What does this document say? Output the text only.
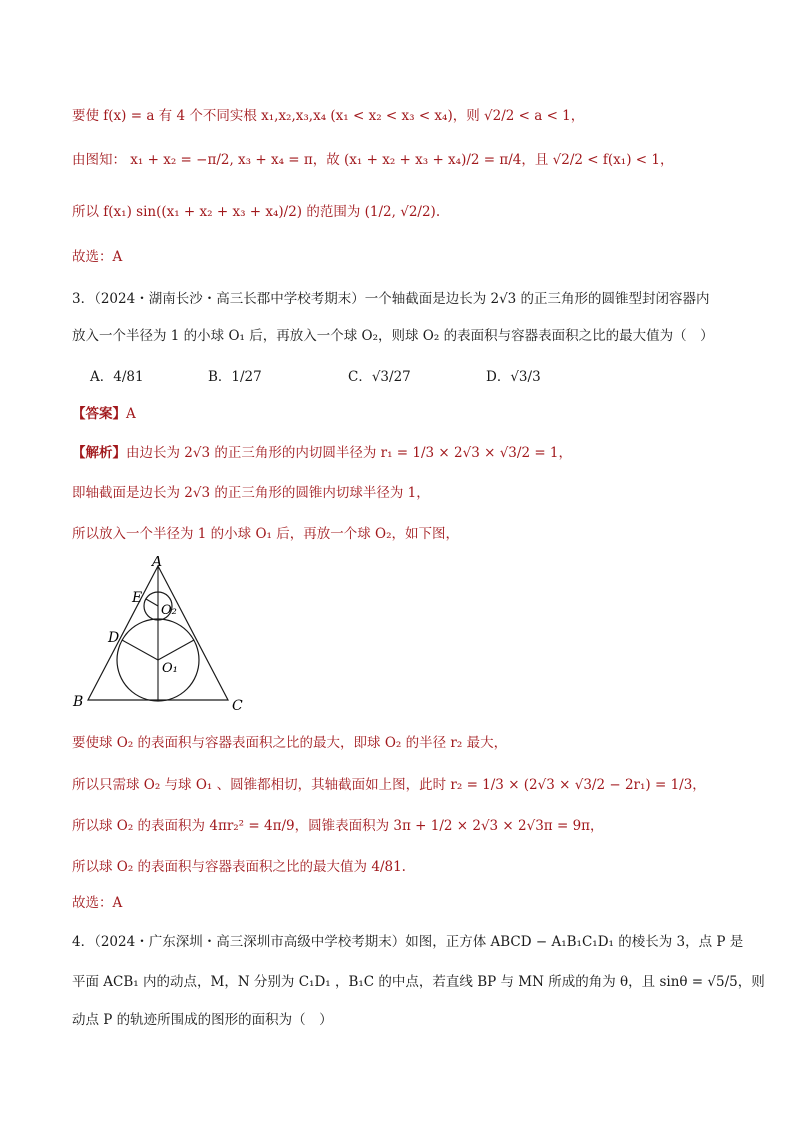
要使 f(x) = a 有 4 个不同实根 x₁,x₂,x₃,x₄ (x₁ < x₂ < x₃ < x₄)，则 √2/2 < a < 1，
由图知： x₁ + x₂ = −π/2, x₃ + x₄ = π，故 (x₁ + x₂ + x₃ + x₄)/2 = π/4，且 √2/2 < f(x₁) < 1，
所以 f(x₁) sin((x₁ + x₂ + x₃ + x₄)/2) 的范围为 (1/2, √2/2).
故选：A
3．（2024・湖南长沙・高三长郡中学校考期末）一个轴截面是边长为 2√3 的正三角形的圆锥型封闭容器内
放入一个半径为 1 的小球 O₁ 后，再放入一个球 O₂，则球 O₂ 的表面积与容器表面积之比的最大值为（　）
A．4/81	B．1/27	C．√3/27	D．√3/3
【答案】A
【解析】由边长为 2√3 的正三角形的内切圆半径为 r₁ = 1/3 × 2√3 × √3/2 = 1，
即轴截面是边长为 2√3 的正三角形的圆锥内切球半径为 1，
所以放入一个半径为 1 的小球 O₁ 后，再放一个球 O₂，如下图，
A
B	C
D
E
O₁
O₂
要使球 O₂ 的表面积与容器表面积之比的最大，即球 O₂ 的半径 r₂ 最大，
所以只需球 O₂ 与球 O₁ 、圆锥都相切，其轴截面如上图，此时 r₂ = 1/3 × (2√3 × √3/2 − 2r₁) = 1/3，
所以球 O₂ 的表面积为 4πr₂² = 4π/9，圆锥表面积为 3π + 1/2 × 2√3 × 2√3π = 9π，
所以球 O₂ 的表面积与容器表面积之比的最大值为 4/81.
故选：A
4．（2024・广东深圳・高三深圳市高级中学校考期末）如图，正方体 ABCD − A₁B₁C₁D₁ 的棱长为 3，点 P 是
平面 ACB₁ 内的动点，M，N 分别为 C₁D₁ ，B₁C 的中点，若直线 BP 与 MN 所成的角为 θ，且 sinθ = √5/5，则
动点 P 的轨迹所围成的图形的面积为（　）
